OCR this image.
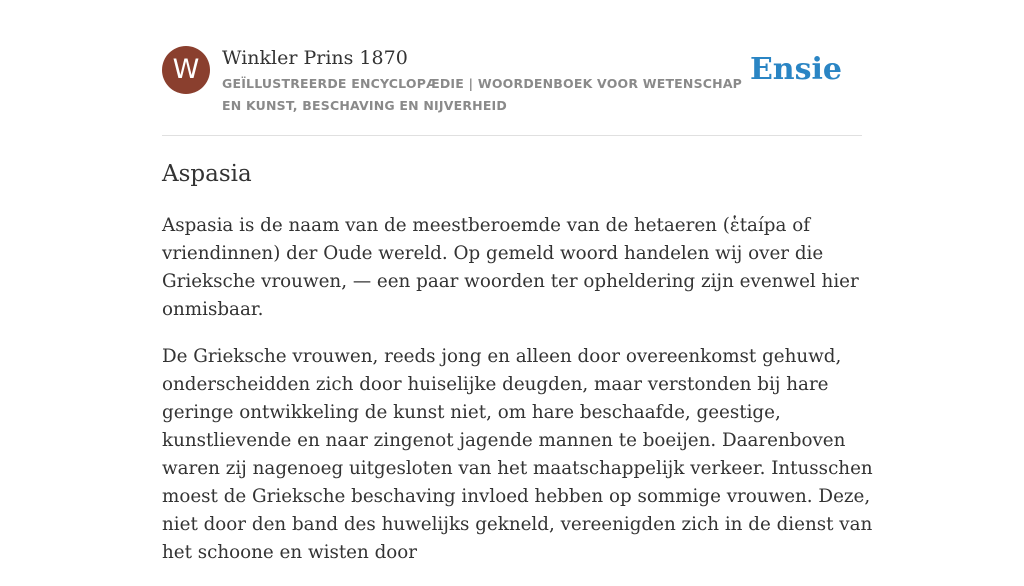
W	Winkler Prins 1870
GEÏLLUSTREERDE ENCYCLOPÆDIE | WOORDENBOEK VOOR WETENSCHAP EN KUNST, BESCHAVING EN NIJVERHEID
Ensie
Aspasia

Aspasia is de naam van de meestberoemde van de hetaeren (ἑtaípa of vriendinnen) der Oude wereld. Op gemeld woord handelen wij over die Grieksche vrouwen, — een paar woorden ter opheldering zijn evenwel hier onmisbaar.

De Grieksche vrouwen, reeds jong en alleen door overeenkomst gehuwd, onderscheidden zich door huiselijke deugden, maar verstonden bij hare geringe ontwikkeling de kunst niet, om hare beschaafde, geestige, kunstlievende en naar zingenot jagende mannen te boeijen. Daarenboven waren zij nagenoeg uitgesloten van het maatschappelijk verkeer. Intusschen moest de Grieksche beschaving invloed hebben op sommige vrouwen. Deze, niet door den band des huwelijks gekneld, vereenigden zich in de dienst van het schoone en wisten door
